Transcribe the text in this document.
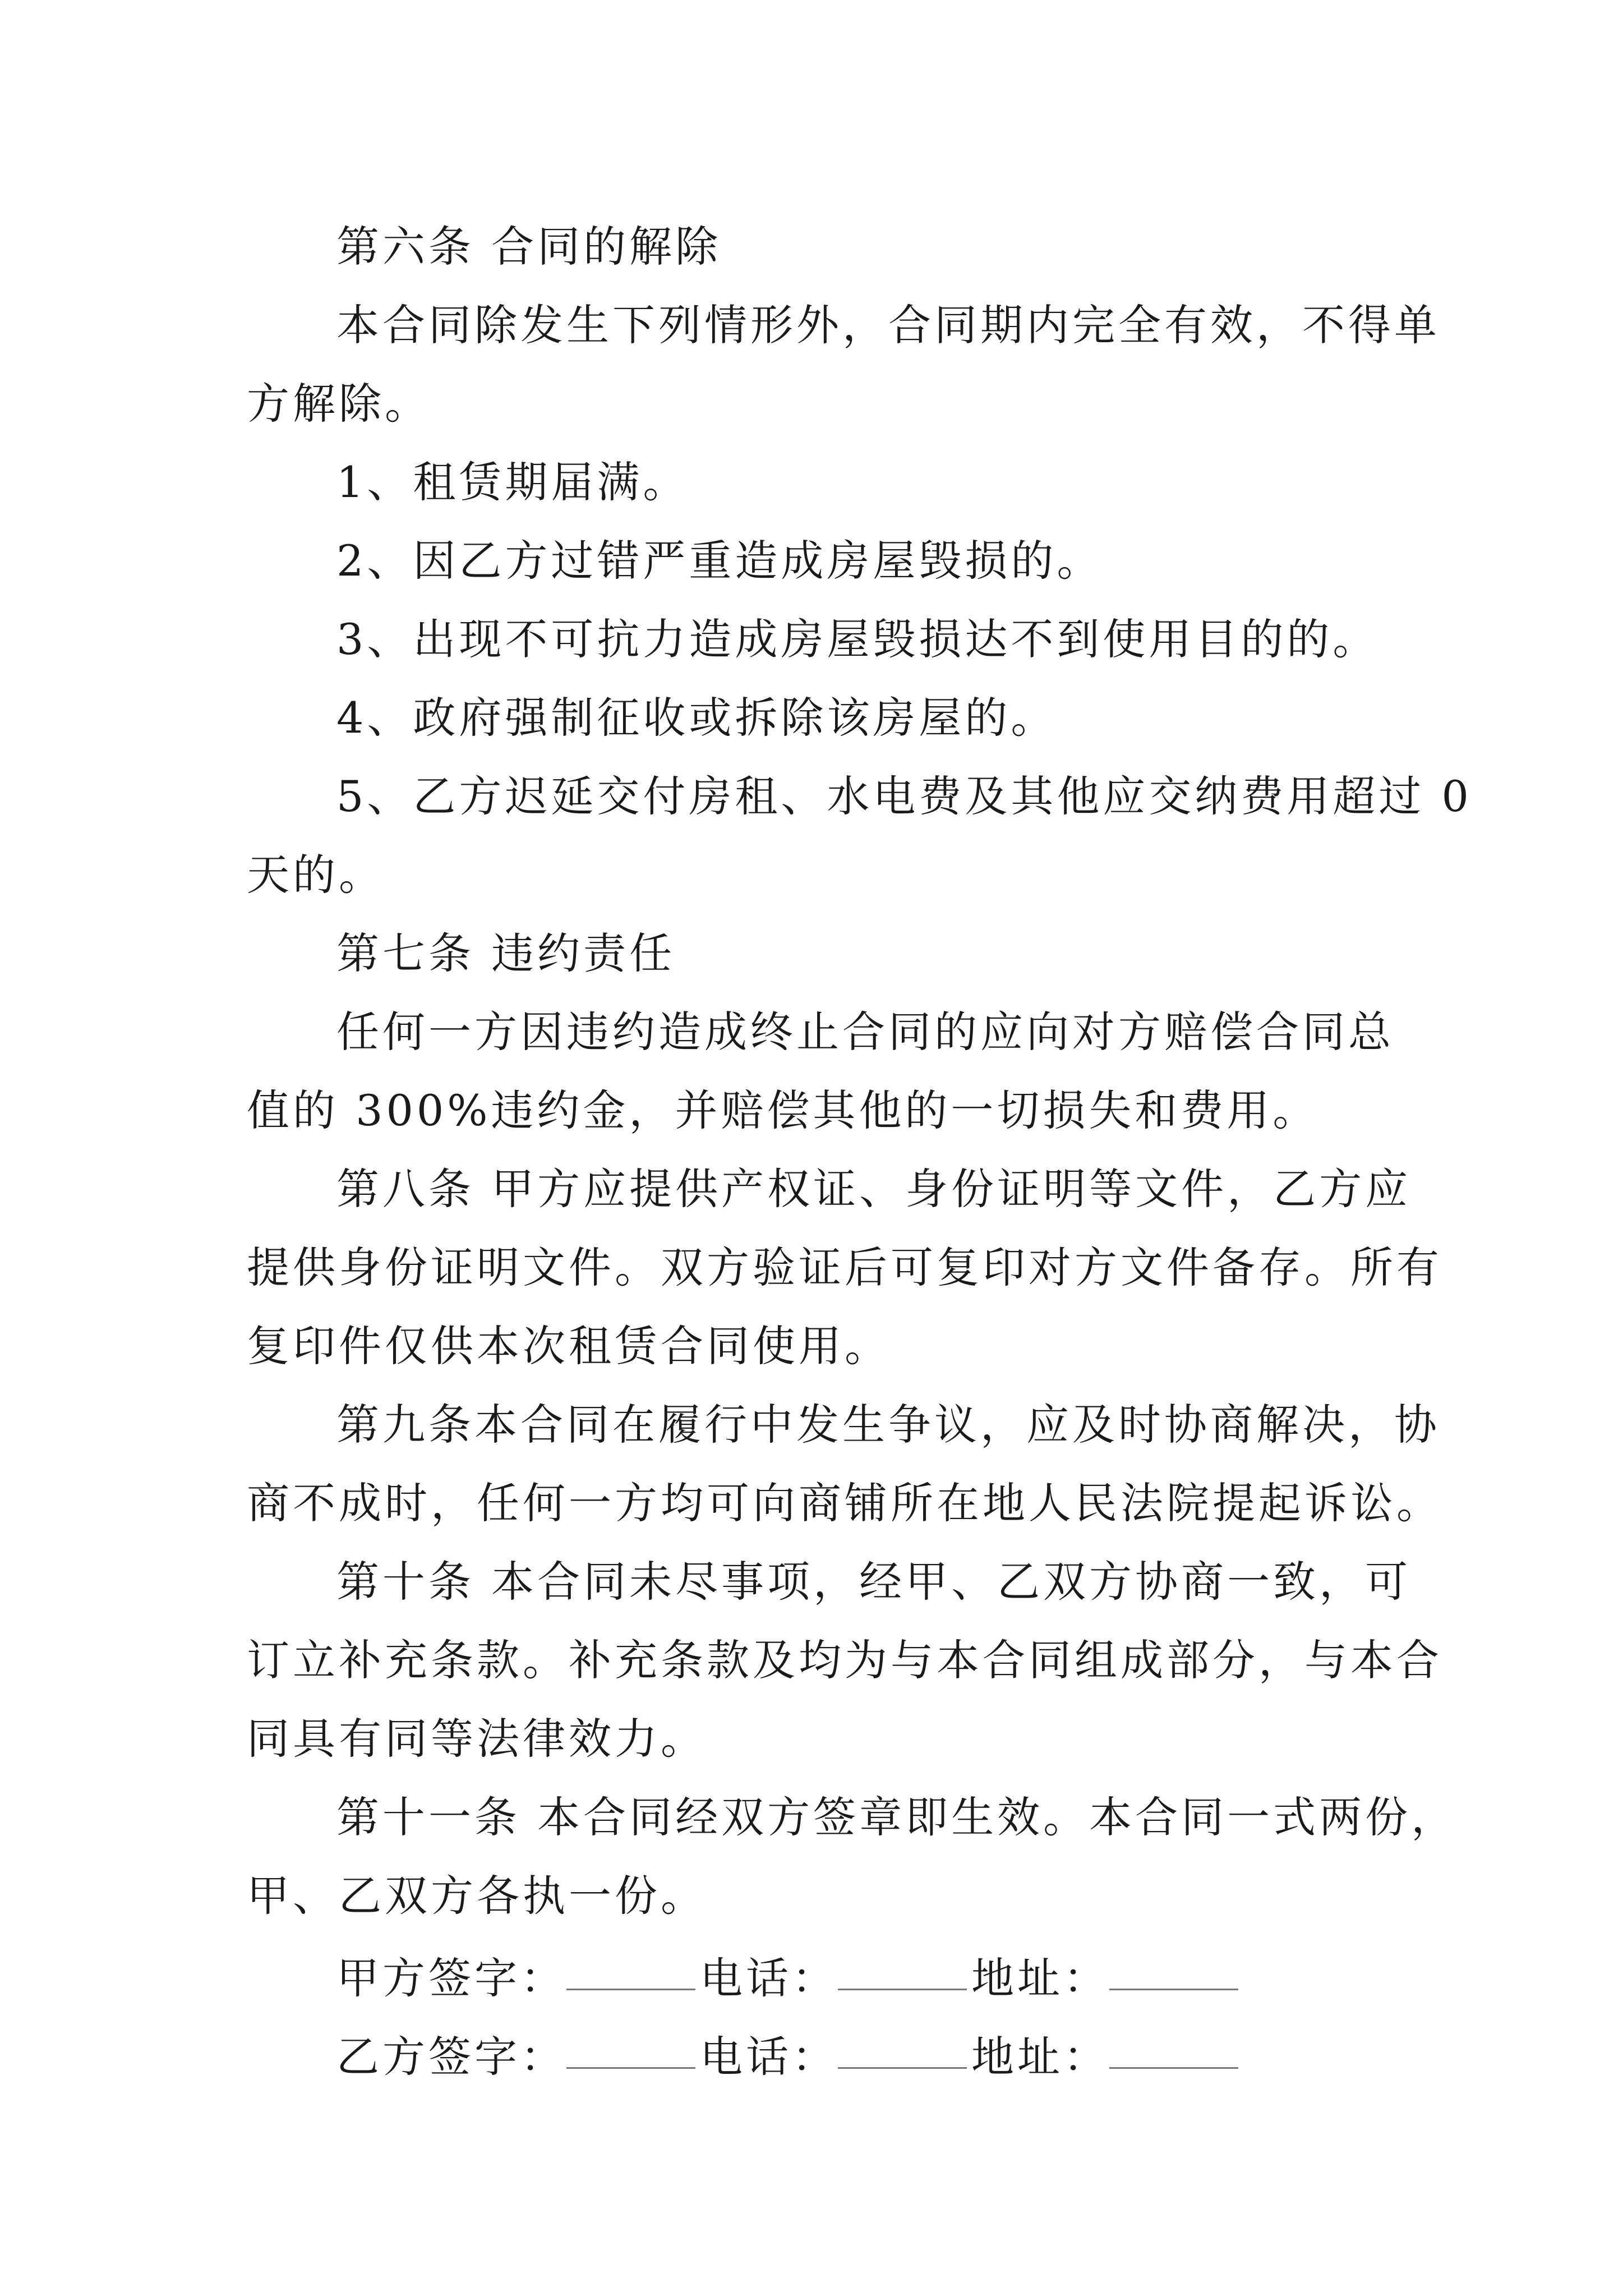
第六条 合同的解除
本合同除发生下列情形外，合同期内完全有效，不得单
方解除。
1、租赁期届满。
2、因乙方过错严重造成房屋毁损的。
3、出现不可抗力造成房屋毁损达不到使用目的的。
4、政府强制征收或拆除该房屋的。
5、乙方迟延交付房租、水电费及其他应交纳费用超过 0
天的。
第七条 违约责任
任何一方因违约造成终止合同的应向对方赔偿合同总
值的 300%违约金，并赔偿其他的一切损失和费用。
第八条 甲方应提供产权证、身份证明等文件，乙方应
提供身份证明文件。双方验证后可复印对方文件备存。所有
复印件仅供本次租赁合同使用。
第九条本合同在履行中发生争议，应及时协商解决，协
商不成时，任何一方均可向商铺所在地人民法院提起诉讼。
第十条 本合同未尽事项，经甲、乙双方协商一致，可
订立补充条款。补充条款及均为与本合同组成部分，与本合
同具有同等法律效力。
第十一条 本合同经双方签章即生效。本合同一式两份，
甲、乙双方各执一份。
甲方签字：	电话：	地址：
乙方签字：	电话：	地址：
